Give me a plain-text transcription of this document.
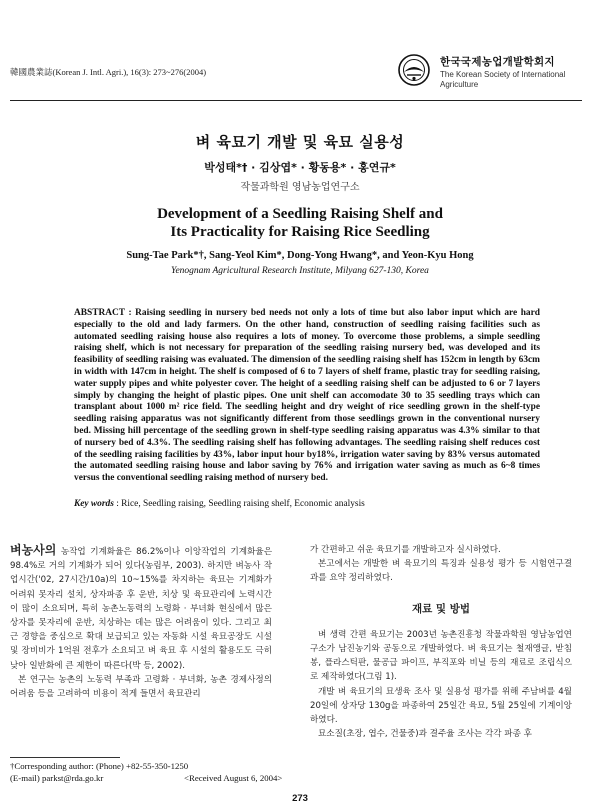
韓國農業誌(Korean J. Intl. Agri.), 16(3): 273~276(2004)
한국국제농업개발학회지
The Korean Society of International
Agriculture
벼 육묘기 개발 및 육묘 실용성
박성태*† · 김상엽* · 황동용* · 홍연규*
작물과학원 영남농업연구소
Development of a Seedling Raising Shelf and
Its Practicality for Raising Rice Seedling
Sung-Tae Park*†, Sang-Yeol Kim*, Dong-Yong Hwang*, and Yeon-Kyu Hong
Yenognam Agricultural Research Institute, Milyang 627-130, Korea
ABSTRACT : Raising seedling in nursery bed needs not only a lots of time but also labor input which are hard especially to the old and lady farmers. On the other hand, construction of seedling raising facilities such as automated seedling raising house also requires a lots of money. To overcome those problems, a simple seedling raising shelf, which is not necessary for preparation of the seedling raising nursery bed, was developed and its feasibility of seedling raising was evaluated. The dimension of the seedling raising shelf has 152cm in length by 63cm in width with 147cm in height. The shelf is composed of 6 to 7 layers of shelf frame, plastic tray for seedling raising, water supply pipes and white polyester cover. The height of a seedling raising shelf can be adjusted to 6 or 7 layers simply by changing the height of plastic pipes. One unit shelf can accomodate 30 to 35 seedling trays which can transplant about 1000 m² rice field. The seedling height and dry weight of rice seedling grown in the shelf-type seedling raising apparatus was not significantly different from those seedlings grown in the conventional nursery bed. Missing hill percentage of the seedling grown in shelf-type seedling raising apparatus was 4.3% similar to that of nursery bed of 4.3%. The seedling raising shelf has following advantages. The seedling raising shelf reduces cost of the seedling raising facilities by 43%, labor input hour by18%, irrigation water saving by 83% versus automated the automated seedling raising house and labor saving by 76% and irrigation water saving as much as 6~8 times versus the conventional seedling raising method of nursery bed.
Key words : Rice, Seedling raising, Seedling raising shelf, Economic analysis

벼농사의 농작업 기계화율은 86.2%이나 이앙작업의 기계화율은 98.4%로 거의 기계화가 되어 있다(농림부, 2003). 하지만 벼농사 작업시간('02, 27시간/10a)의 10~15%를 차지하는 육묘는 기계화가 어려워 못자리 설치, 상자파종 후 운반, 치상 및 육묘관리에 노력시간이 많이 소요되며, 특히 농촌노동력의 노령화 · 부녀화 현실에서 많은 상자를 못자리에 운반, 치상하는 데는 많은 어려움이 있다. 그리고 최근 경향을 중심으로 확대 보급되고 있는 자동화 시설 육묘공장도 시설 및 장비비가 1억원 전후가 소요되고 벼 육묘 후 시설의 활용도도 극히 낮아 일반화에 큰 제한이 따른다(박 등, 2002).

본 연구는 농촌의 노동력 부족과 고령화 · 부녀화, 농촌 경제사정의 어려움 등을 고려하여 비용이 적게 들면서 육묘관리

가 간편하고 쉬운 육묘기를 개발하고자 실시하였다.

본고에서는 개발한 벼 육묘기의 특징과 실용성 평가 등 시험연구결과를 요약 정리하였다.

재료 및 방법

벼 생력 간편 육묘기는 2003년 농촌진흥청 작물과학원 영남농업연구소가 남진농기와 공동으로 개발하였다. 벼 육묘기는 철재앵글, 받침봉, 플라스틱판, 물공급 파이프, 부직포와 비닐 등의 재료로 조립식으로 제작하였다(그림 1).

개발 벼 육묘기의 묘생육 조사 및 실용성 평가를 위해 주남벼를 4월20일에 상자당 130g을 파종하여 25일간 육묘, 5월 25일에 기계이앙하였다.

묘소질(초장, 엽수, 건물중)과 결주율 조사는 각각 파종 후

†Corresponding author: (Phone) +82-55-350-1250
(E-mail) parkst@rda.go.kr	<Received August 6, 2004>
273
